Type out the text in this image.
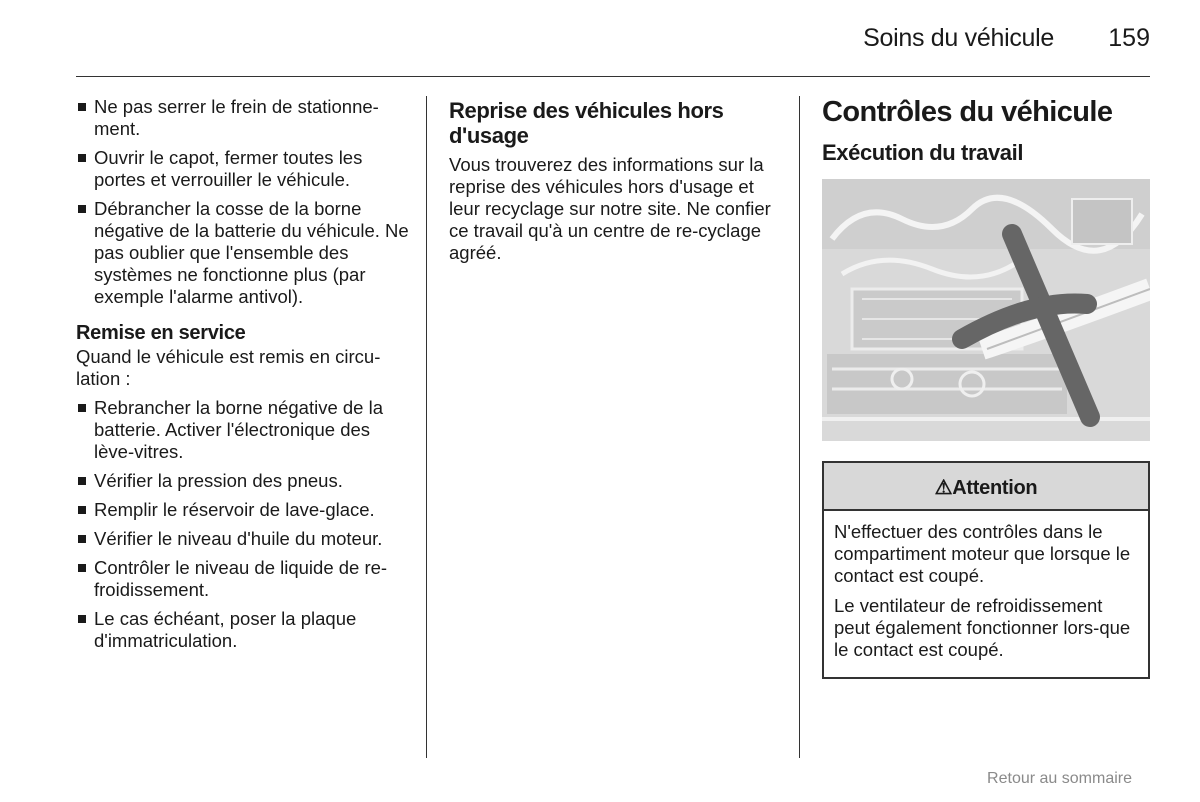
Soins du véhicule 159
Ne pas serrer le frein de stationne-ment.
Ouvrir le capot, fermer toutes les portes et verrouiller le véhicule.
Débrancher la cosse de la borne négative de la batterie du véhicule. Ne pas oublier que l'ensemble des systèmes ne fonctionne plus (par exemple l'alarme antivol).
Remise en service

Quand le véhicule est remis en circu-lation :

Rebrancher la borne négative de la batterie. Activer l'électronique des lève-vitres.
Vérifier la pression des pneus.
Remplir le réservoir de lave-glace.
Vérifier le niveau d'huile du moteur.
Contrôler le niveau de liquide de re-froidissement.
Le cas échéant, poser la plaque d'immatriculation.
Reprise des véhicules hors d'usage

Vous trouverez des informations sur la reprise des véhicules hors d'usage et leur recyclage sur notre site. Ne confier ce travail qu'à un centre de re-cyclage agréé.

Contrôles du véhicule
Exécution du travail
⚠Attention

N'effectuer des contrôles dans le compartiment moteur que lorsque le contact est coupé.

Le ventilateur de refroidissement peut également fonctionner lors-que le contact est coupé.

Retour au sommaire
